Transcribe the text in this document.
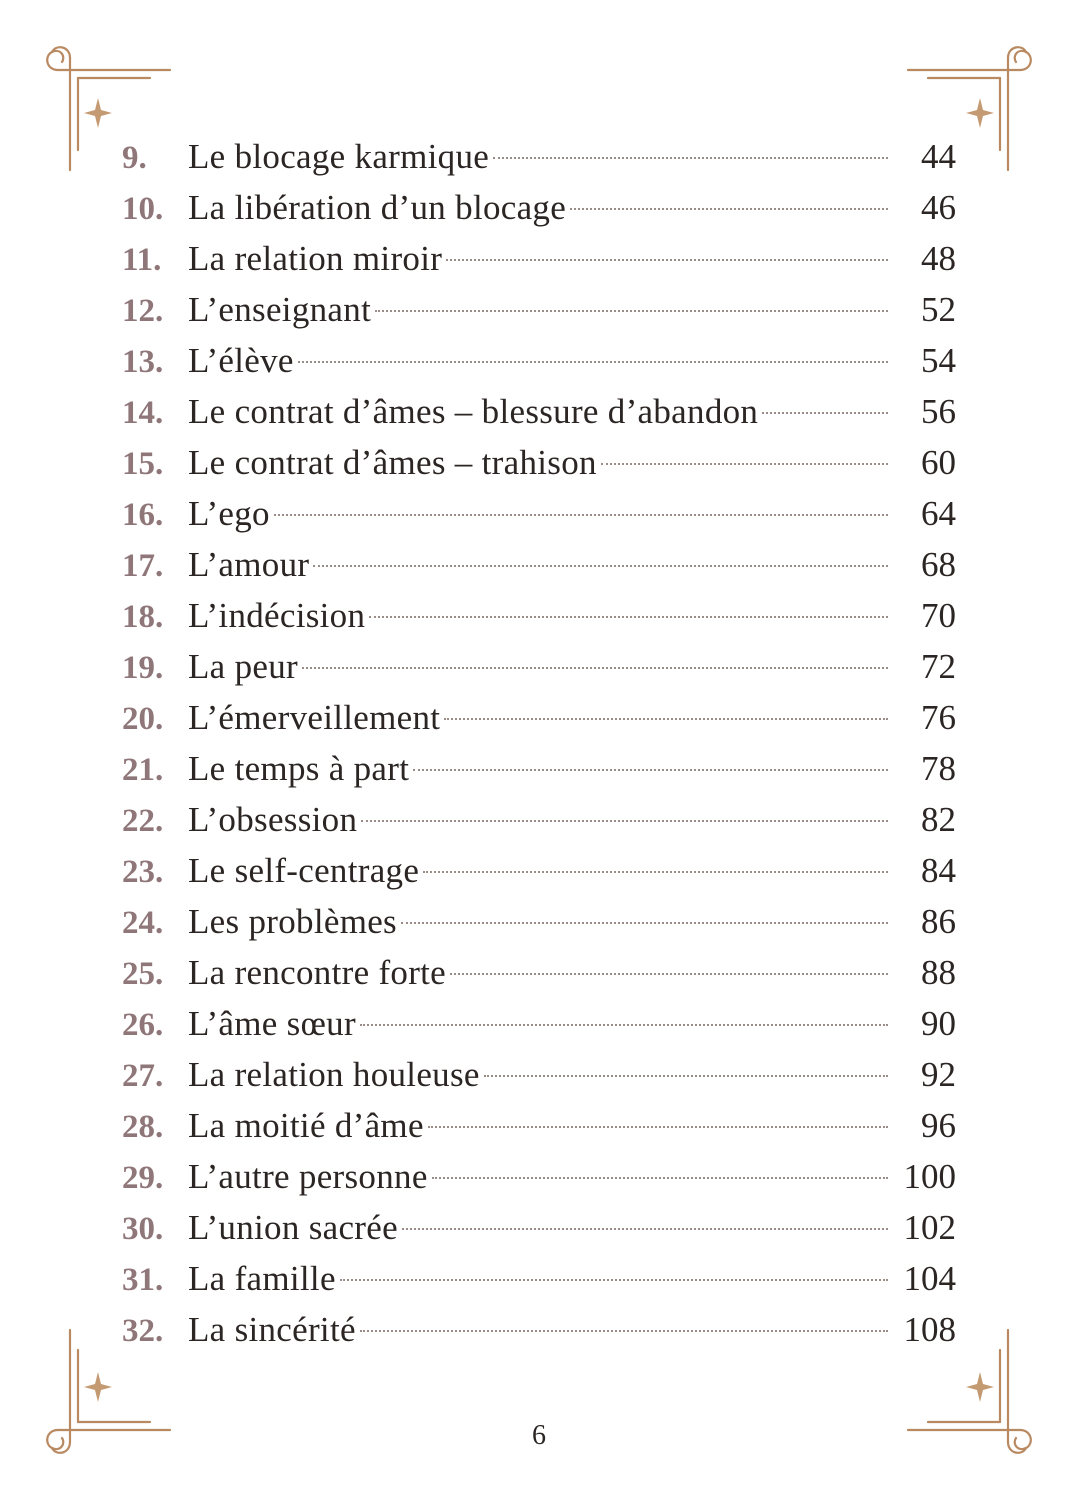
9.	Le blocage karmique	44
10. La libération d’un blocage	46
11. La relation miroir	48
12. L’enseignant	52
13. L’élève	54
14. Le contrat d’âmes – blessure d’abandon	56
15. Le contrat d’âmes – trahison	60
16. L’ego	64
17. L’amour	68
18. L’indécision	70
19. La peur	72
20. L’émerveillement	76
21. Le temps à part	78
22. L’obsession	82
23. Le self-centrage	84
24. Les problèmes	86
25. La rencontre forte	88
26. L’âme sœur	90
27. La relation houleuse	92
28. La moitié d’âme	96
29. L’autre personne	100
30. L’union sacrée	102
31. La famille	104
32. La sincérité	108
6
